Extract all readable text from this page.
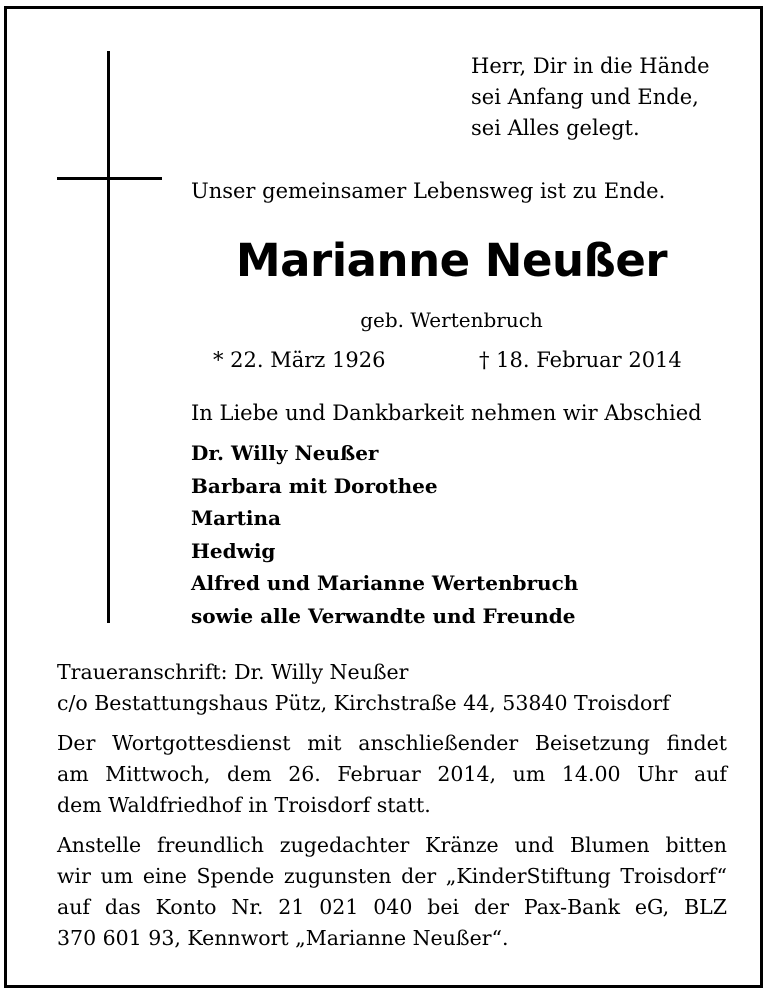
Herr, Dir in die Hände
sei Anfang und Ende,
sei Alles gelegt.
Unser gemeinsamer Lebensweg ist zu Ende.
Marianne Neußer
geb. Wertenbruch
* 22. März 1926	† 18. Februar 2014
In Liebe und Dankbarkeit nehmen wir Abschied
Dr. Willy Neußer
Barbara mit Dorothee
Martina
Hedwig
Alfred und Marianne Wertenbruch
sowie alle Verwandte und Freunde
Traueranschrift: Dr. Willy Neußer
c/o Bestattungshaus Pütz, Kirchstraße 44, 53840 Troisdorf
Der Wortgottesdienst mit anschließender Beisetzung findet
am Mittwoch, dem 26. Februar 2014, um 14.00 Uhr auf
dem Waldfriedhof in Troisdorf statt.
Anstelle freundlich zugedachter Kränze und Blumen bitten
wir um eine Spende zugunsten der „KinderStiftung Troisdorf“
auf das Konto Nr. 21 021 040 bei der Pax-Bank eG, BLZ
370 601 93, Kennwort „Marianne Neußer“.
